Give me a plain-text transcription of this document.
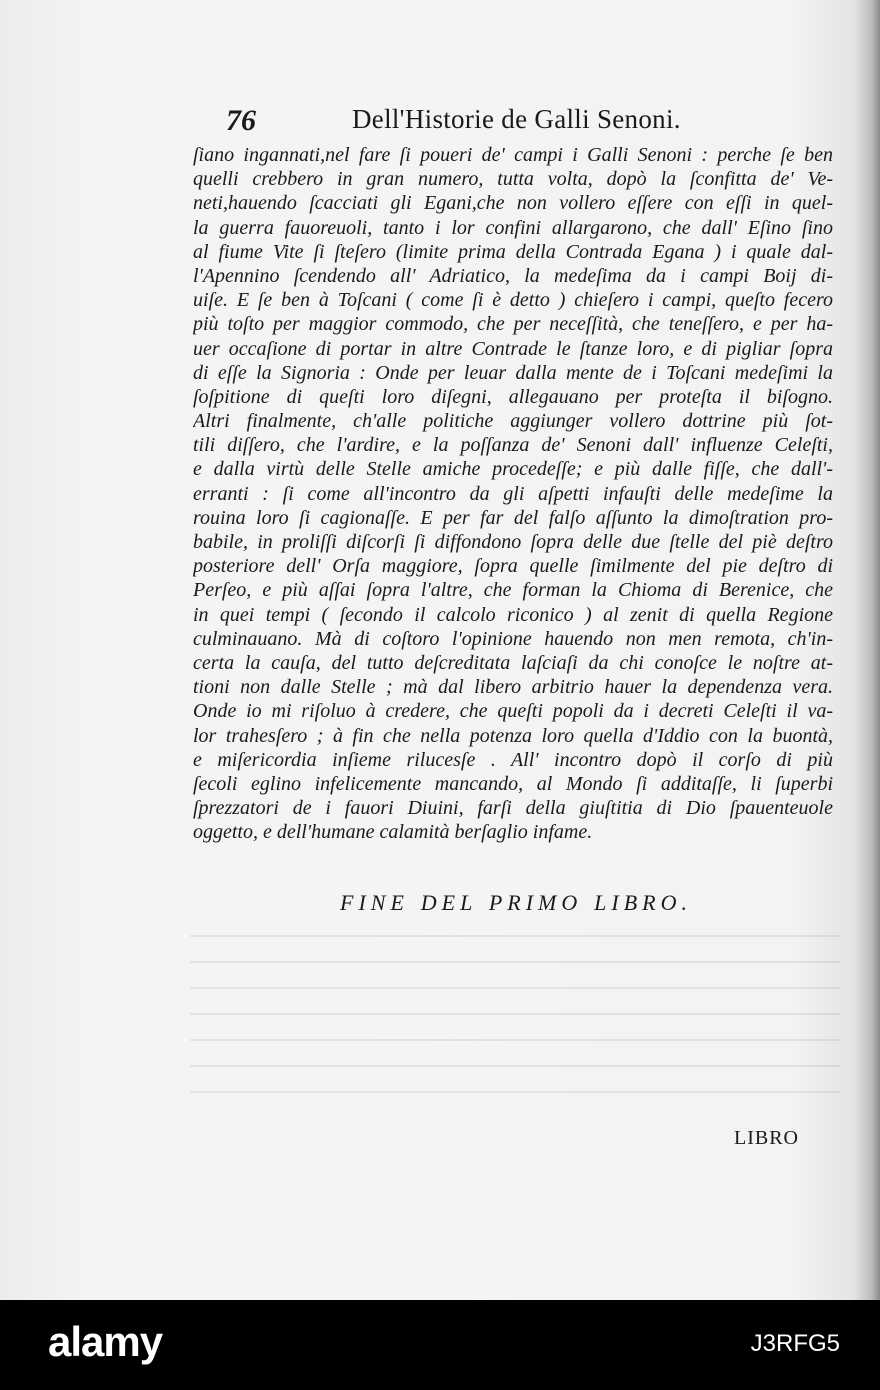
76	Dell'Historie de Galli Senoni.
ſiano ingannati,nel fare ſi poueri de' campi i Galli Senoni : perche ſe ben
quelli crebbero in gran numero, tutta volta, dopò la ſconfitta de' Ve-
neti,hauendo ſcacciati gli Egani,che non vollero eſſere con eſſi in quel-
la guerra fauoreuoli, tanto i lor confini allargarono, che dall' Eſino ſino
al fiume Vite ſi ſteſero (limite prima della Contrada Egana ) i quale dal-
l'Apennino ſcendendo all' Adriatico, la medeſima da i campi Boij di-
uiſe. E ſe ben à Toſcani ( come ſi è detto ) chieſero i campi, queſto fecero
più toſto per maggior commodo, che per neceſſità, che teneſſero, e per ha-
uer occaſione di portar in altre Contrade le ſtanze loro, e di pigliar ſopra
di eſſe la Signoria : Onde per leuar dalla mente de i Toſcani medeſimi la
ſoſpitione di queſti loro diſegni, allegauano per proteſta il biſogno.
Altri finalmente, ch'alle politiche aggiunger vollero dottrine più ſot-
tili diſſero, che l'ardire, e la poſſanza de' Senoni dall' influenze Celeſti,
e dalla virtù delle Stelle amiche procedeſſe; e più dalle fiſſe, che dall'-
erranti : ſi come all'incontro da gli aſpetti infauſti delle medeſime la
rouina loro ſi cagionaſſe. E per far del falſo aſſunto la dimoſtration pro-
babile, in proliſſi diſcorſi ſi diffondono ſopra delle due ſtelle del piè deſtro
posteriore dell' Orſa maggiore, ſopra quelle ſimilmente del pie deſtro di
Perſeo, e più aſſai ſopra l'altre, che forman la Chioma di Berenice, che
in quei tempi ( ſecondo il calcolo riconico ) al zenit di quella Regione
culminauano. Mà di coſtoro l'opinione hauendo non men remota, ch'in-
certa la cauſa, del tutto deſcreditata laſciaſi da chi conoſce le noſtre at-
tioni non dalle Stelle ; mà dal libero arbitrio hauer la dependenza vera.
Onde io mi riſoluo à credere, che queſti popoli da i decreti Celeſti il va-
lor trahesſero ; à fin che nella potenza loro quella d'Iddio con la buontà,
e miſericordia inſieme rilucesſe . All' incontro dopò il corſo di più
ſecoli eglino infelicemente mancando, al Mondo ſi additaſſe, li ſuperbi
ſprezzatori de i fauori Diuini, farſi della giuſtitia di Dio ſpauenteuole
oggetto, e dell'humane calamità berſaglio infame.
FINE DEL PRIMO LIBRO.
LIBRO
alamy	J3RFG5
